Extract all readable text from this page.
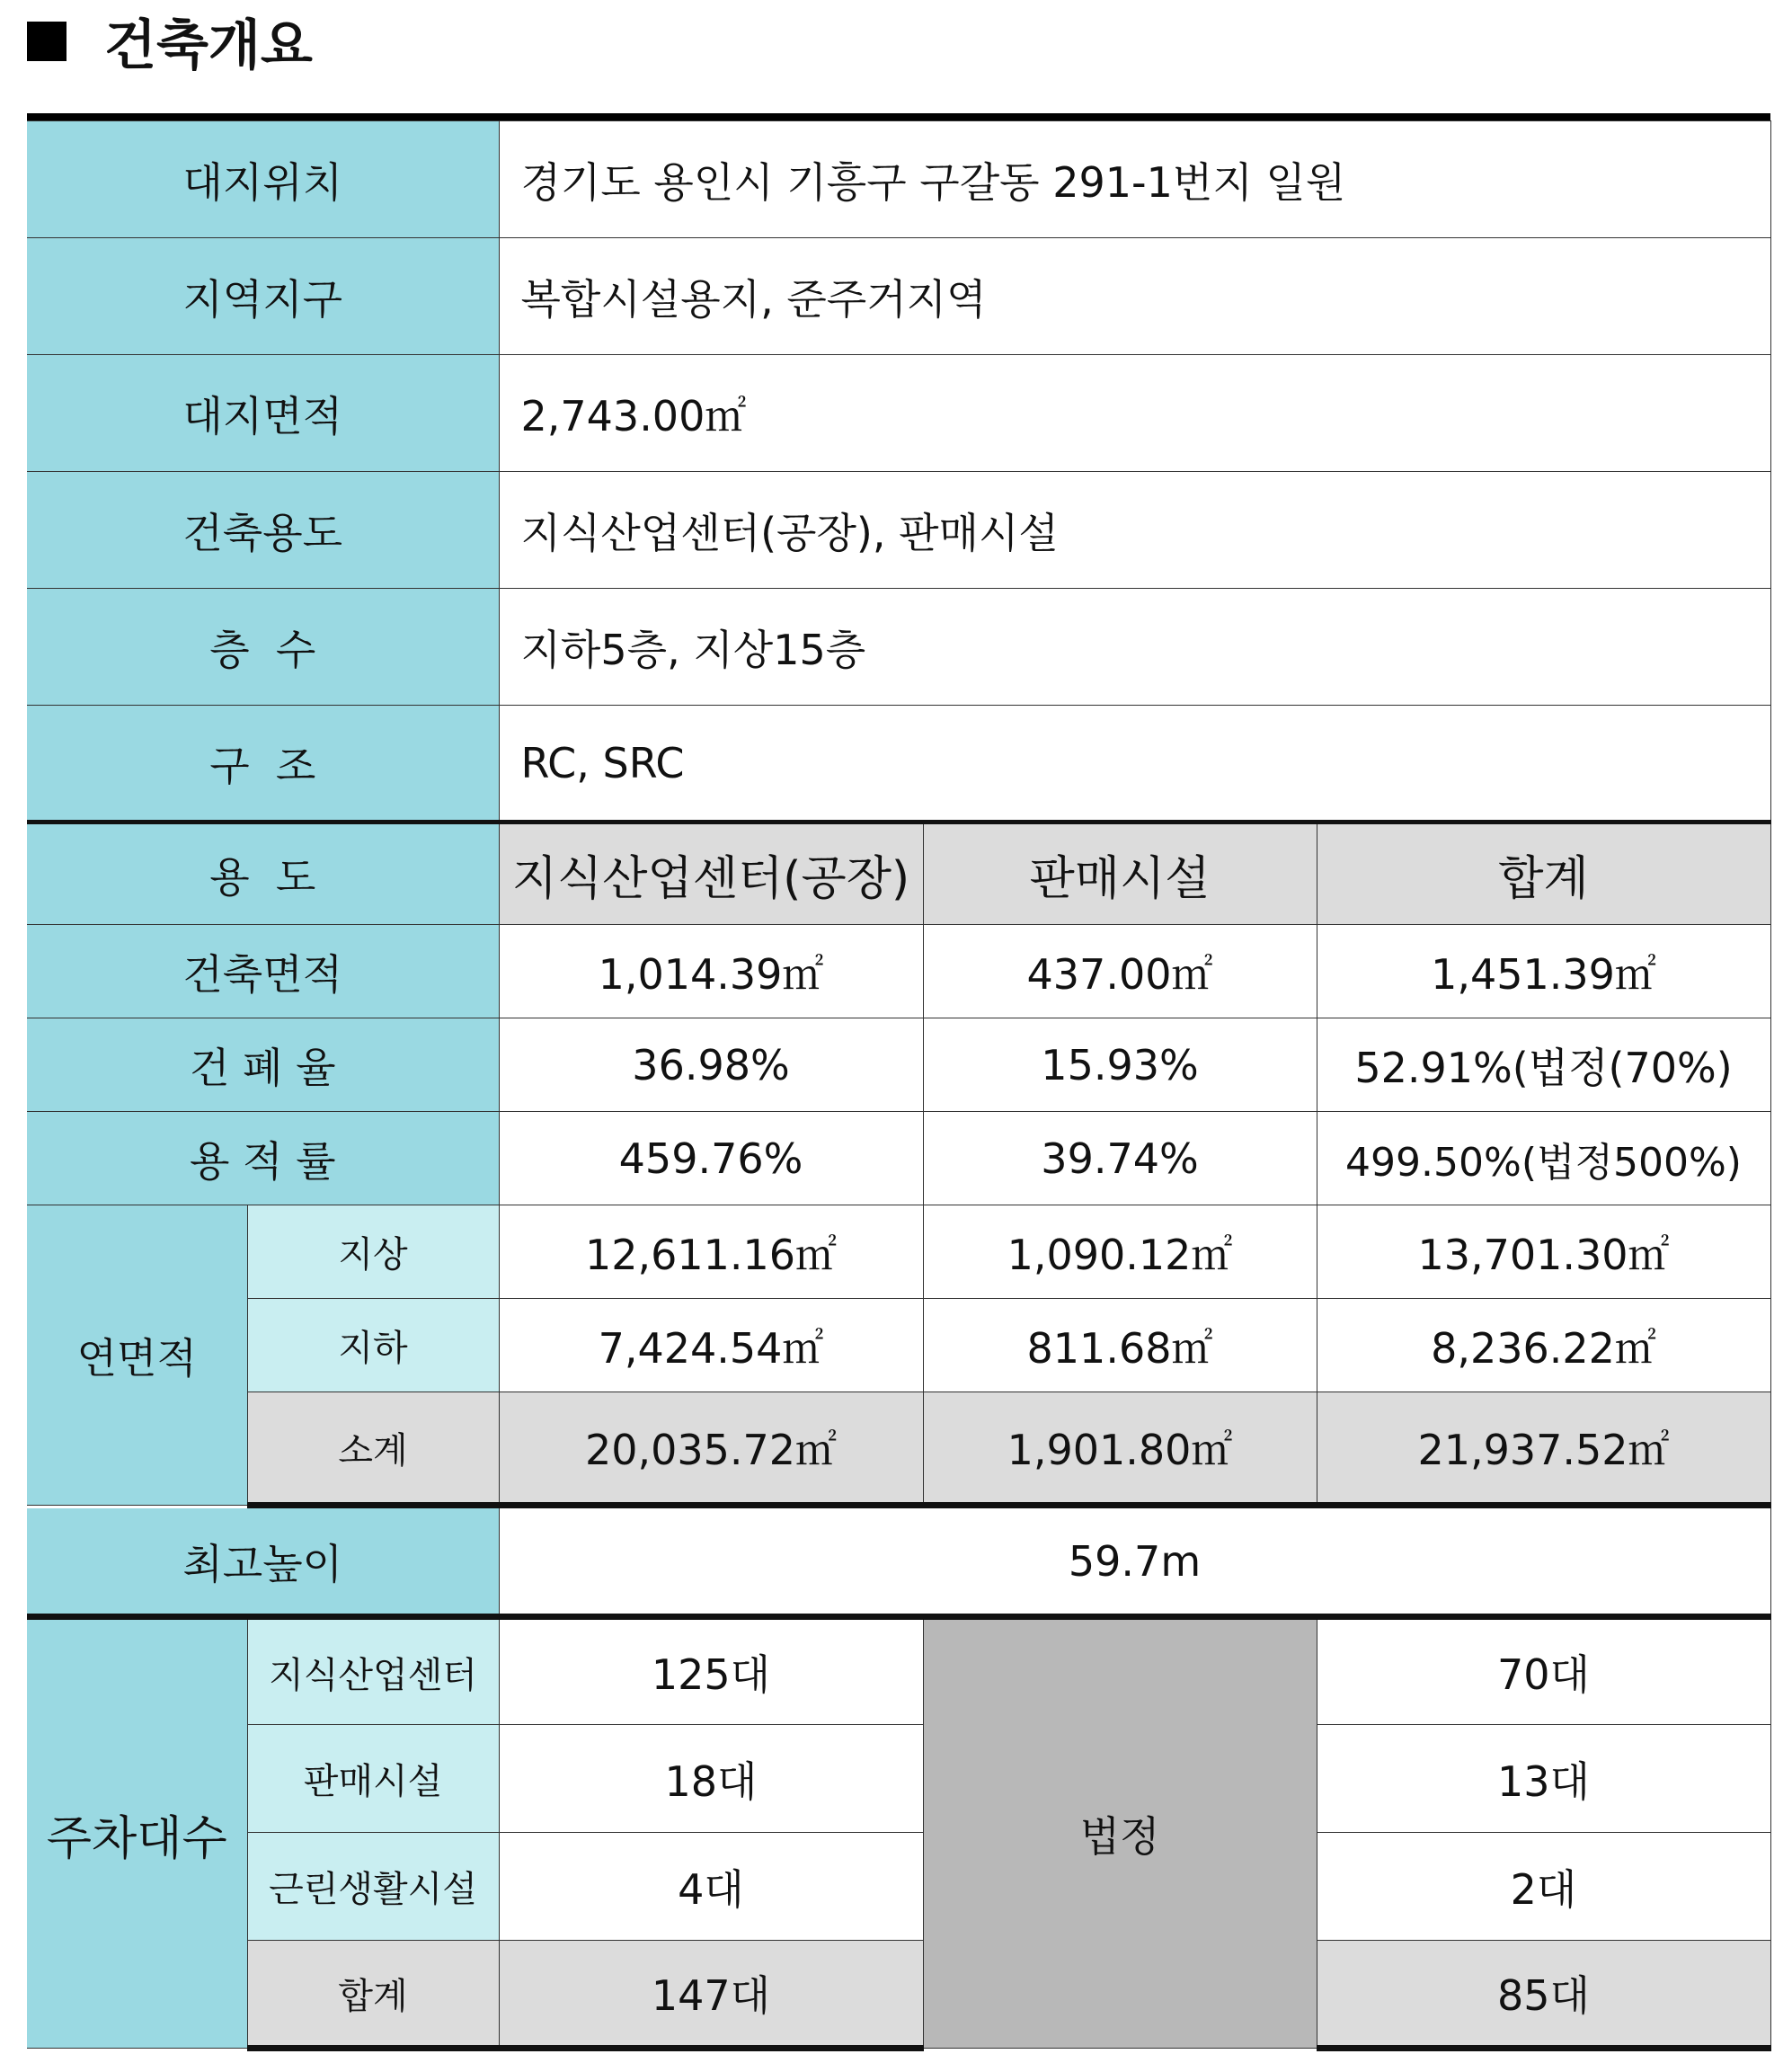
건축개요
대지위치		경기도 용인시 기흥구 구갈동 291-1번지 일원		
지역지구		복합시설용지, 준주거지역		
대지면적		2,743.00㎡		
건축용도		지식산업센터(공장), 판매시설		
층  수		지하5층, 지상15층		
구  조		RC, SRC		
용  도		지식산업센터(공장)	판매시설	합계
건축면적		1,014.39㎡	437.00㎡	1,451.39㎡
건 폐 율		36.98%	15.93%	52.91%(법정(70%)
용 적 률		459.76%	39.74%	499.50%(법정500%)
연면적	지상	12,611.16㎡	1,090.12㎡	13,701.30㎡
	지하	7,424.54㎡	811.68㎡	8,236.22㎡
	소계	20,035.72㎡	1,901.80㎡	21,937.52㎡
최고높이		59.7m		
주차대수	지식산업센터	125대	법정	70대
	판매시설	18대		13대
	근린생활시설	4대		2대
	합계	147대		85대
